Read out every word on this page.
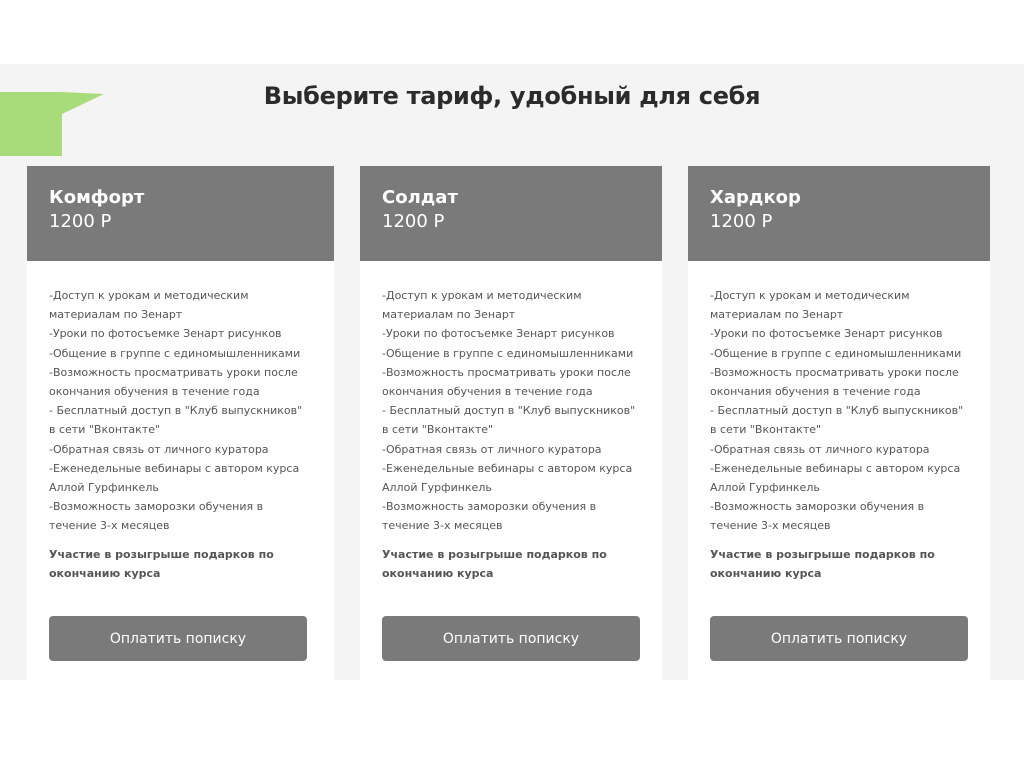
Выберите тариф, удобный для себя
Комфорт
1200 Р
-Доступ к урокам и методическим
материалам по Зенарт
-Уроки по фотосъемке Зенарт рисунков
-Общение в группе с единомышленниками
-Возможность просматривать уроки после
окончания обучения в течение года
- Бесплатный доступ в "Клуб выпускников"
в сети "Вконтакте"
-Обратная связь от личного куратора
-Еженедельные вебинары с автором курса
Аллой Гурфинкель
-Возможность заморозки обучения в
течение 3-х месяцев
Участие в розыгрыше подарков по
окончанию курса
Оплатить пописку
Солдат
1200 Р
-Доступ к урокам и методическим
материалам по Зенарт
-Уроки по фотосъемке Зенарт рисунков
-Общение в группе с единомышленниками
-Возможность просматривать уроки после
окончания обучения в течение года
- Бесплатный доступ в "Клуб выпускников"
в сети "Вконтакте"
-Обратная связь от личного куратора
-Еженедельные вебинары с автором курса
Аллой Гурфинкель
-Возможность заморозки обучения в
течение 3-х месяцев
Участие в розыгрыше подарков по
окончанию курса
Оплатить пописку
Хардкор
1200 Р
-Доступ к урокам и методическим
материалам по Зенарт
-Уроки по фотосъемке Зенарт рисунков
-Общение в группе с единомышленниками
-Возможность просматривать уроки после
окончания обучения в течение года
- Бесплатный доступ в "Клуб выпускников"
в сети "Вконтакте"
-Обратная связь от личного куратора
-Еженедельные вебинары с автором курса
Аллой Гурфинкель
-Возможность заморозки обучения в
течение 3-х месяцев
Участие в розыгрыше подарков по
окончанию курса
Оплатить пописку
